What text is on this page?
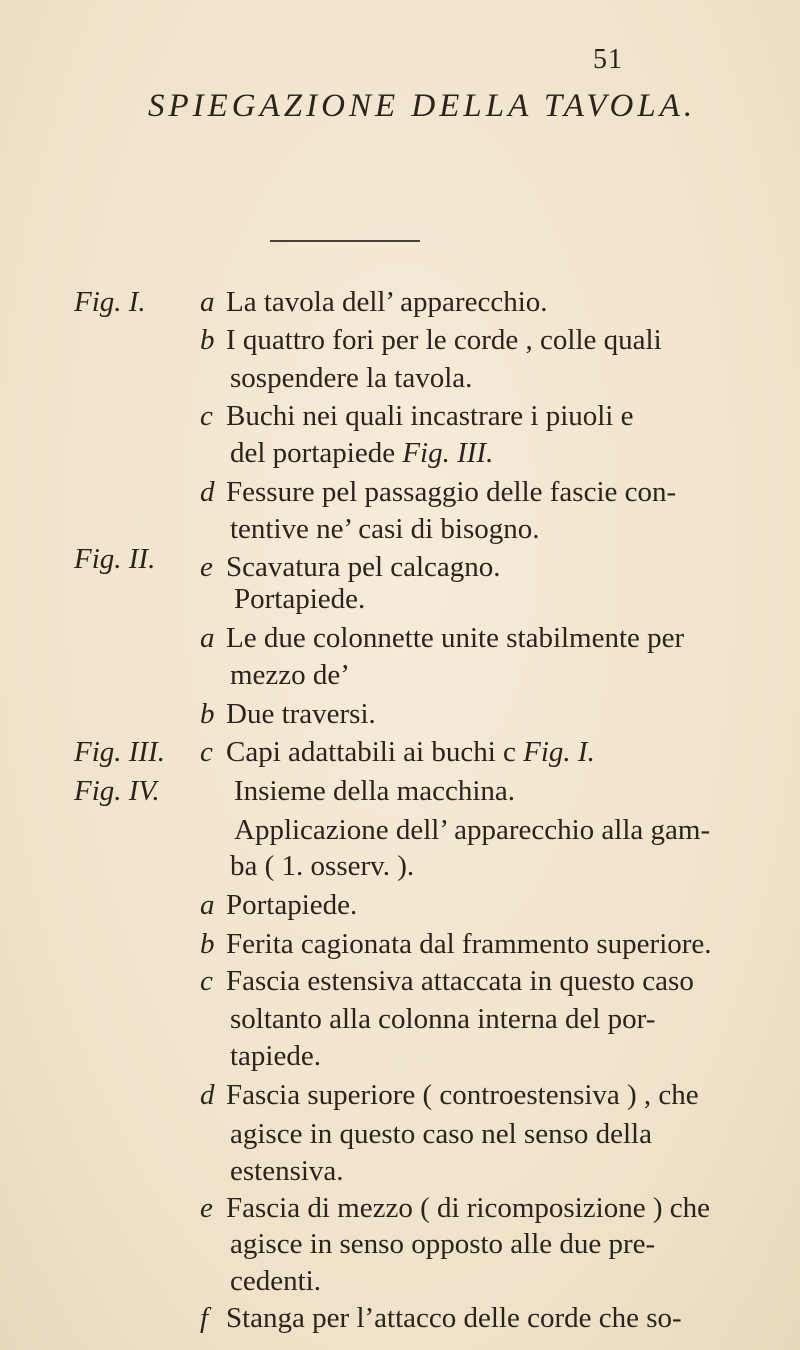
51
SPIEGAZIONE DELLA TAVOLA.
Fig. I.
Fig. II.
Fig. III.
Fig. IV.
a La tavola dell’ apparecchio.
b I quattro fori per le corde , colle quali
sospendere la tavola.
c Buchi nei quali incastrare i piuoli e
del portapiede Fig. III.
d Fessure pel passaggio delle fascie con-
tentive ne’ casi di bisogno.
e Scavatura pel calcagno.
Portapiede.
a Le due colonnette unite stabilmente per
mezzo de’
b Due traversi.
c Capi adattabili ai buchi c Fig. I.
Insieme della macchina.
Applicazione dell’ apparecchio alla gam-
ba ( 1. osserv. ).
a Portapiede.
b Ferita cagionata dal frammento superiore.
c Fascia estensiva attaccata in questo caso
soltanto alla colonna interna del por-
tapiede.
d Fascia superiore ( controestensiva ) , che
agisce in questo caso nel senso della
estensiva.
e Fascia di mezzo ( di ricomposizione ) che
agisce in senso opposto alle due pre-
cedenti.
f Stanga per l’attacco delle corde che so-
